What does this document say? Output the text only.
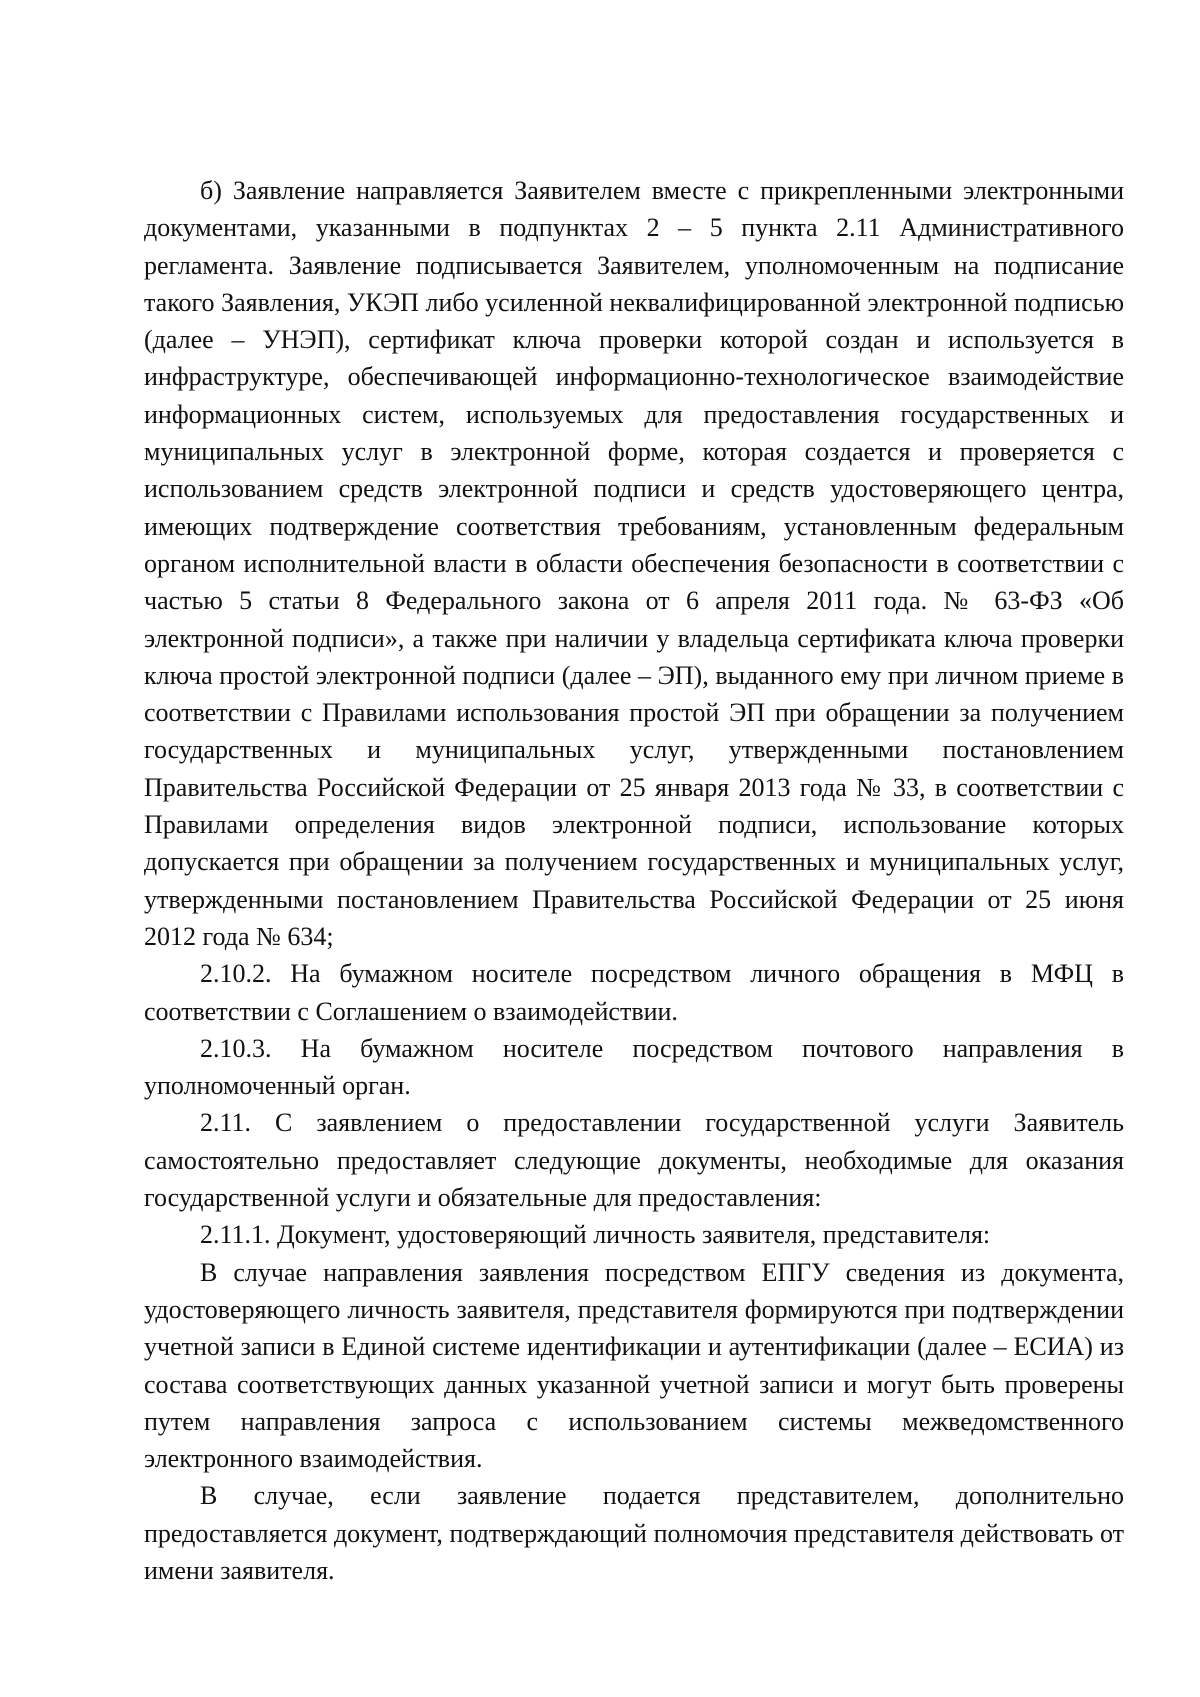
б) Заявление направляется Заявителем вместе с прикрепленными электронными документами, указанными в подпунктах 2 – 5 пункта 2.11 Административного регламента. Заявление подписывается Заявителем, уполномоченным на подписание такого Заявления, УКЭП либо усиленной неквалифицированной электронной подписью (далее – УНЭП), сертификат ключа проверки которой создан и используется в инфраструктуре, обеспечивающей информационно-технологическое взаимодействие информационных систем, используемых для предоставления государственных и муниципальных услуг в электронной форме, которая создается и проверяется с использованием средств электронной подписи и средств удостоверяющего центра, имеющих подтверждение соответствия требованиям, установленным федеральным органом исполнительной власти в области обеспечения безопасности в соответствии с частью 5 статьи 8 Федерального закона от 6 апреля 2011 года. № 63-ФЗ «Об электронной подписи», а также при наличии у владельца сертификата ключа проверки ключа простой электронной подписи (далее – ЭП), выданного ему при личном приеме в соответствии с Правилами использования простой ЭП при обращении за получением государственных и муниципальных услуг, утвержденными постановлением Правительства Российской Федерации от 25 января 2013 года № 33, в соответствии с Правилами определения видов электронной подписи, использование которых допускается при обращении за получением государственных и муниципальных услуг, утвержденными постановлением Правительства Российской Федерации от 25 июня 2012 года № 634;

2.10.2. На бумажном носителе посредством личного обращения в МФЦ в соответствии с Соглашением о взаимодействии.

2.10.3. На бумажном носителе посредством почтового направления в уполномоченный орган.

2.11. С заявлением о предоставлении государственной услуги Заявитель самостоятельно предоставляет следующие документы, необходимые для оказания государственной услуги и обязательные для предоставления:

2.11.1. Документ, удостоверяющий личность заявителя, представителя:

В случае направления заявления посредством ЕПГУ сведения из документа, удостоверяющего личность заявителя, представителя формируются при подтверждении учетной записи в Единой системе идентификации и аутентификации (далее – ЕСИА) из состава соответствующих данных указанной учетной записи и могут быть проверены путем направления запроса с использованием системы межведомственного электронного взаимодействия.

В случае, если заявление подается представителем, дополнительно предоставляется документ, подтверждающий полномочия представителя действовать от имени заявителя.
